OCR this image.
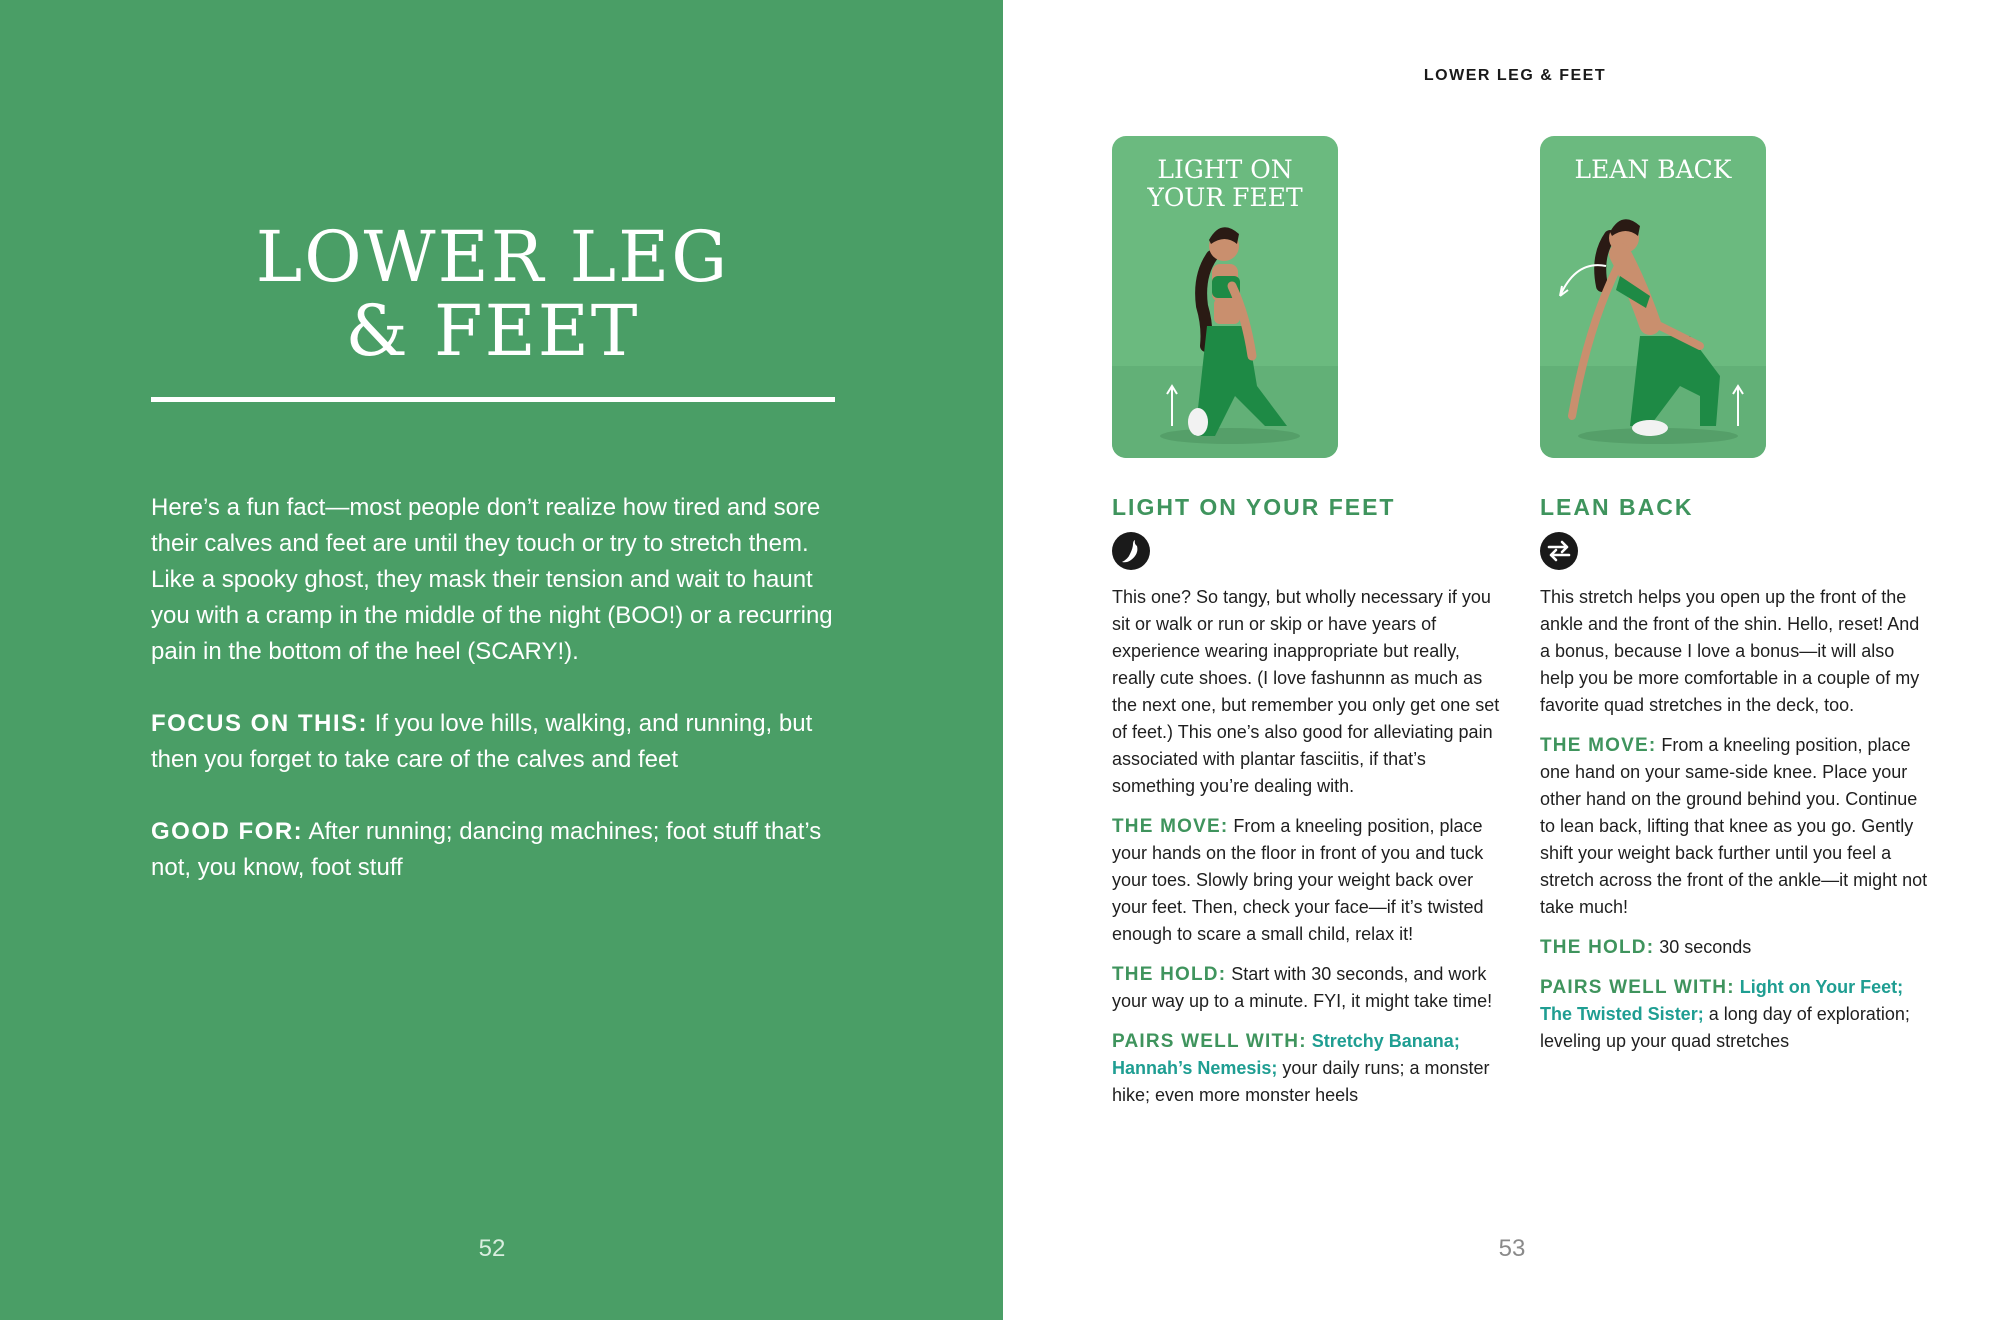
LOWER LEG
& FEET

Here’s a fun fact—most people don’t realize how tired and sore their calves and feet are until they touch or try to stretch them. Like a spooky ghost, they mask their tension and wait to haunt you with a cramp in the middle of the night (BOO!) or a recurring pain in the bottom of the heel (SCARY!).

FOCUS ON THIS: If you love hills, walking, and running, but then you forget to take care of the calves and feet

GOOD FOR: After running; dancing machines; foot stuff that’s not, you know, foot stuff

52
LOWER LEG & FEET
LIGHT ON
YOUR FEET
LEAN BACK
LIGHT ON YOUR FEET

This one? So tangy, but wholly necessary if you sit or walk or run or skip or have years of experience wearing inappropriate but really, really cute shoes. (I love fashunnn as much as the next one, but remember you only get one set of feet.) This one’s also good for alleviating pain associated with plantar fasciitis, if that’s something you’re dealing with.

THE MOVE: From a kneeling position, place your hands on the floor in front of you and tuck your toes. Slowly bring your weight back over your feet. Then, check your face—if it’s twisted enough to scare a small child, relax it!

THE HOLD: Start with 30 seconds, and work your way up to a minute. FYI, it might take time!

PAIRS WELL WITH: Stretchy Banana;
Hannah’s Nemesis; your daily runs; a monster hike; even more monster heels

LEAN BACK

This stretch helps you open up the front of the ankle and the front of the shin. Hello, reset! And a bonus, because I love a bonus—it will also help you be more comfortable in a couple of my favorite quad stretches in the deck, too.

THE MOVE: From a kneeling position, place one hand on your same-side knee. Place your other hand on the ground behind you. Continue to lean back, lifting that knee as you go. Gently shift your weight back further until you feel a stretch across the front of the ankle—it might not take much!

THE HOLD: 30 seconds

PAIRS WELL WITH: Light on Your Feet; The Twisted Sister; a long day of exploration; leveling up your quad stretches

53
